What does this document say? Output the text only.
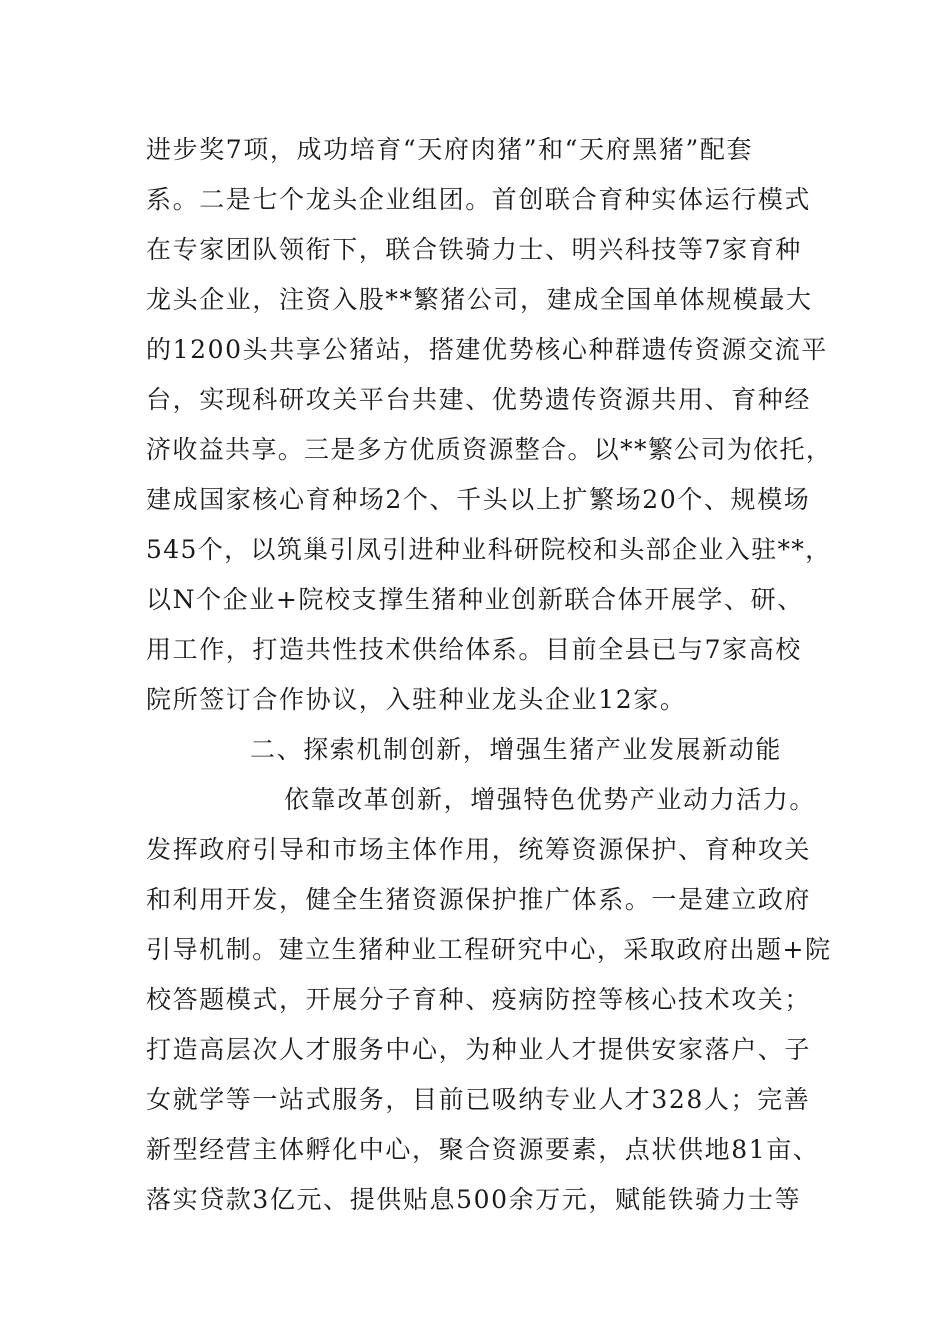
进步奖7项，成功培育“天府肉猪”和“天府黑猪”配套
系。二是七个龙头企业组团。首创联合育种实体运行模式
在专家团队领衔下，联合铁骑力士、明兴科技等7家育种
龙头企业，注资入股**繁猪公司，建成全国单体规模最大
的1200头共享公猪站，搭建优势核心种群遗传资源交流平
台，实现科研攻关平台共建、优势遗传资源共用、育种经
济收益共享。三是多方优质资源整合。以**繁公司为依托，
建成国家核心育种场2个、千头以上扩繁场20个、规模场
545个，以筑巢引凤引进种业科研院校和头部企业入驻**，
以N个企业+院校支撑生猪种业创新联合体开展学、研、
用工作，打造共性技术供给体系。目前全县已与7家高校
院所签订合作协议，入驻种业龙头企业12家。
二、探索机制创新，增强生猪产业发展新动能
依靠改革创新，增强特色优势产业动力活力。
发挥政府引导和市场主体作用，统筹资源保护、育种攻关
和利用开发，健全生猪资源保护推广体系。一是建立政府
引导机制。建立生猪种业工程研究中心，采取政府出题+院
校答题模式，开展分子育种、疫病防控等核心技术攻关；
打造高层次人才服务中心，为种业人才提供安家落户、子
女就学等一站式服务，目前已吸纳专业人才328人；完善
新型经营主体孵化中心，聚合资源要素，点状供地81亩、
落实贷款3亿元、提供贴息500余万元，赋能铁骑力士等
